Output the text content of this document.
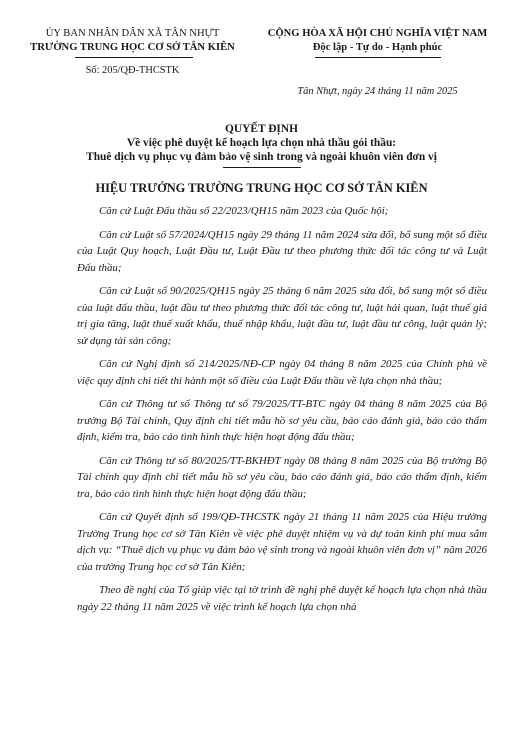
ỦY BAN NHÂN DÂN XÃ TÂN NHỰT
TRƯỜNG TRUNG HỌC CƠ SỞ TÂN KIÊN
CỘNG HÒA XÃ HỘI CHỦ NGHĨA VIỆT NAM
Độc lập - Tự do - Hạnh phúc
Số: 205/QĐ-THCSTK
Tân Nhựt, ngày 24 tháng 11 năm 2025
QUYẾT ĐỊNH
Về việc phê duyệt kế hoạch lựa chọn nhà thầu gói thầu:
Thuê dịch vụ phục vụ đảm bảo vệ sinh trong và ngoài khuôn viên đơn vị
HIỆU TRƯỞNG TRƯỜNG TRUNG HỌC CƠ SỞ TÂN KIÊN

Căn cứ Luật Đấu thầu số 22/2023/QH15 năm 2023 của Quốc hội;

Căn cứ Luật số 57/2024/QH15 ngày 29 tháng 11 năm 2024 sửa đổi, bổ sung một số điều của Luật Quy hoạch, Luật Đầu tư, Luật Đầu tư theo phương thức đối tác công tư và Luật Đấu thầu;

Căn cứ Luật số 90/2025/QH15 ngày 25 tháng 6 năm 2025 sửa đổi, bổ sung một số điều của luật đấu thầu, luật đầu tư theo phương thức đối tác công tư, luật hải quan, luật thuế giá trị gia tăng, luật thuế xuất khẩu, thuế nhập khẩu, luật đầu tư, luật đầu tư công, luật quản lý; sử dụng tài sản công;

Căn cứ Nghị định số 214/2025/NĐ-CP ngày 04 tháng 8 năm 2025 của Chính phủ về việc quy định chi tiết thi hành một số điều của Luật Đấu thầu về lựa chọn nhà thầu;

Căn cứ Thông tư số Thông tư số 79/2025/TT-BTC ngày 04 tháng 8 năm 2025 của Bộ trưởng Bộ Tài chính, Quy định chi tiết mẫu hồ sơ yêu cầu, báo cáo đánh giá, báo cáo thẩm định, kiểm tra, báo cáo tình hình thực hiện hoạt động đấu thầu;

Căn cứ Thông tư số 80/2025/TT-BKHĐT ngày 08 tháng 8 năm 2025 của Bộ trưởng Bộ Tài chính quy định chi tiết mẫu hồ sơ yêu cầu, báo cáo đánh giá, báo cáo thẩm định, kiểm tra, báo cáo tình hình thực hiện hoạt động đấu thầu;

Căn cứ Quyết định số 199/QĐ-THCSTK ngày 21 tháng 11 năm 2025 của Hiệu trưởng Trường Trung học cơ sở Tân Kiên về việc phê duyệt nhiệm vụ và dự toán kinh phí mua sắm dịch vụ: “Thuê dịch vụ phục vụ đảm bảo vệ sinh trong và ngoài khuôn viên đơn vị” năm 2026 của trường Trung học cơ sở Tân Kiên;

Theo đề nghị của Tổ giúp việc tại tờ trình đề nghị phê duyệt kế hoạch lựa chọn nhà thầu ngày 22 tháng 11 năm 2025 về việc trình kế hoạch lựa chọn nhà
